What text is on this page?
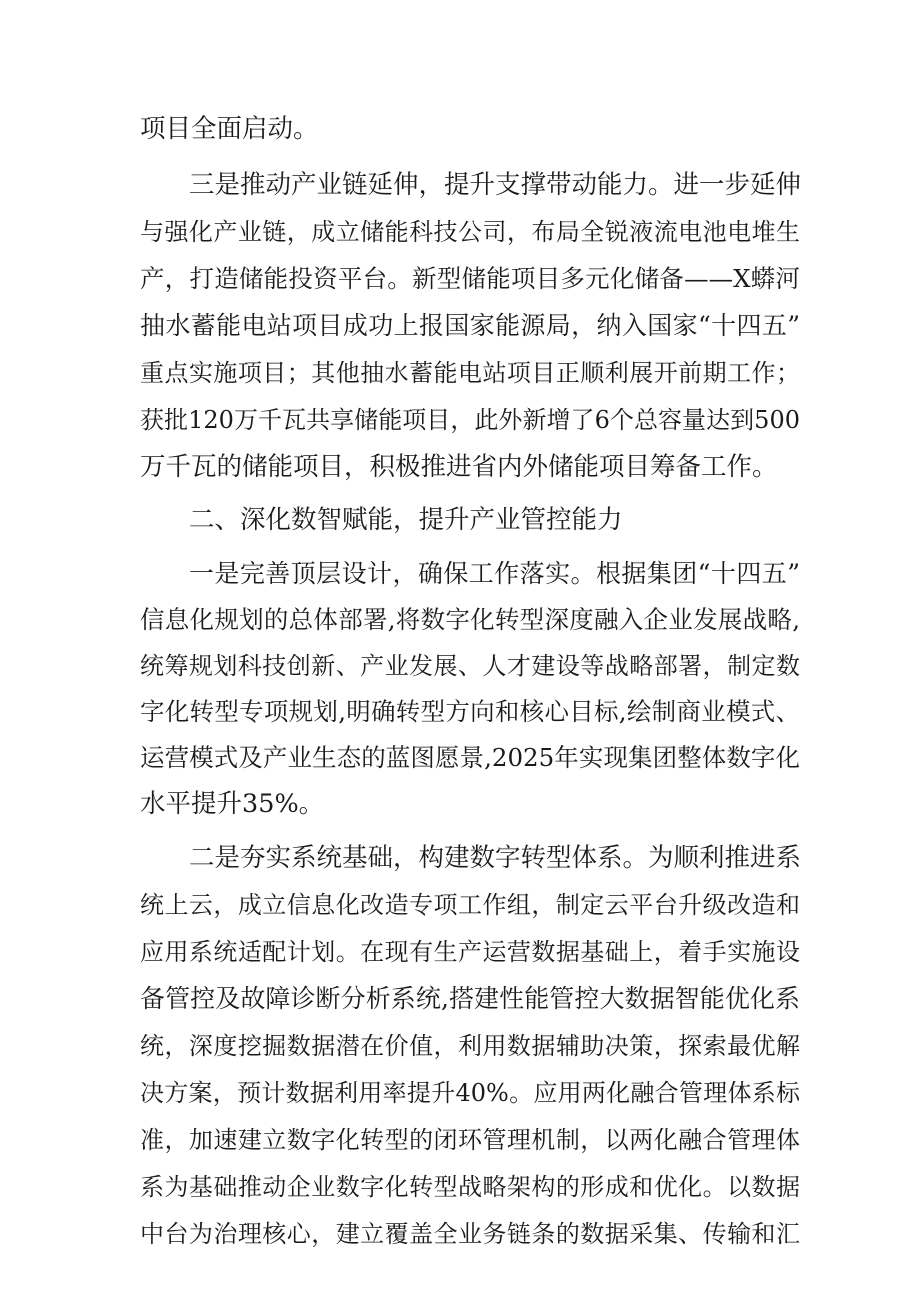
项目全面启动。
三是推动产业链延伸，提升支撑带动能力。进一步延伸
与强化产业链，成立储能科技公司，布局全锐液流电池电堆生
产，打造储能投资平台。新型储能项目多元化储备——X蟒河
抽水蓄能电站项目成功上报国家能源局，纳入国家“十四五”
重点实施项目；其他抽水蓄能电站项目正顺利展开前期工作；
获批120万千瓦共享储能项目，此外新增了6个总容量达到500
万千瓦的储能项目，积极推进省内外储能项目筹备工作。
二、深化数智赋能，提升产业管控能力
一是完善顶层设计，确保工作落实。根据集团“十四五”
信息化规划的总体部署,将数字化转型深度融入企业发展战略,
统筹规划科技创新、产业发展、人才建设等战略部署，制定数
字化转型专项规划,明确转型方向和核心目标,绘制商业模式、
运营模式及产业生态的蓝图愿景,2025年实现集团整体数字化
水平提升35%。
二是夯实系统基础，构建数字转型体系。为顺利推进系
统上云，成立信息化改造专项工作组，制定云平台升级改造和
应用系统适配计划。在现有生产运营数据基础上，着手实施设
备管控及故障诊断分析系统,搭建性能管控大数据智能优化系
统，深度挖掘数据潜在价值，利用数据辅助决策，探索最优解
决方案，预计数据利用率提升40%。应用两化融合管理体系标
准，加速建立数字化转型的闭环管理机制，以两化融合管理体
系为基础推动企业数字化转型战略架构的形成和优化。以数据
中台为治理核心，建立覆盖全业务链条的数据采集、传输和汇
